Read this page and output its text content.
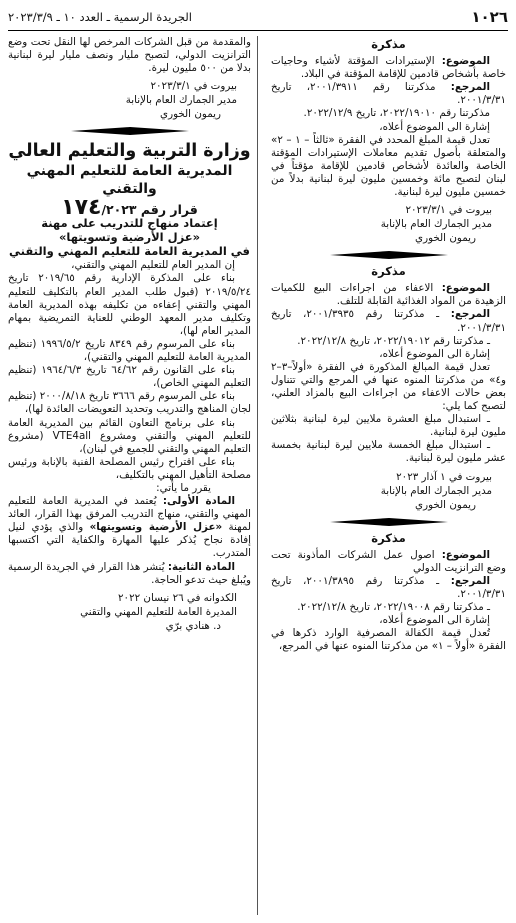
١٠٢٦
الجريدة الرسمية ـ العدد ١٠ ـ ٢٠٢٣/٣/٩

مذكرة

الموضوع: الإستيرادات المؤقتة لأشياء وحاجيات خاصة بأشخاص قادمين للإقامة المؤقتة في البلاد.

المرجع: مذكرتنا رقم ٢٠٠١/٣٩١١، تاريخ ٢٠٠١/٣/٣١.

مذكرتنا رقم ٢٠٢٢/١٩٠١٠، تاريخ ٢٠٢٢/١٢/٩.

إشارة الى الموضوع أعلاه،

تعدل قيمة المبلغ المحدد في الفقرة «ثالثاً – ١ – ٢» والمتعلقة بأصول تقديم معاملات الإستيرادات المؤقتة الخاصة والعائدة لأشخاص قادمين للإقامة مؤقتاً في لبنان لتصبح مائة وخمسين مليون ليرة لبنانية بدلاً من خمسين مليون ليرة لبنانية.

بيروت في ٢٠٢٣/٣/١

مدير الجمارك العام بالإنابة

ريمون الخوري

مذكرة

الموضوع: الاعفاء من اجراءات البيع للكميات الزهيدة من المواد الغذائية القابلة للتلف.

المرجع: ـ مذكرتنا رقم ٢٠٠١/٣٩٣٥، تاريخ ٢٠٠١/٣/٣١.

ـ مذكرتنا رقم ٢٠٢٢/١٩٠١٢، تاريخ ٢٠٢٢/١٢/٨.

إشارة الى الموضوع أعلاه،

تعدل قيمة المبالغ المذكورة في الفقرة «أولاً–٣–٢ و٤» من مذكرتنا المنوه عنها في المرجع والتي تتناول بعض حالات الاعفاء من اجراءات البيع بالمزاد العلني، لتصبح كما يلي:

ـ استبدال مبلغ العشرة ملايين ليرة لبنانية بثلاثين مليون ليرة لبنانية.

ـ استبدال مبلغ الخمسة ملايين ليرة لبنانية بخمسة عشر مليون ليرة لبنانية.

بيروت في ١ آذار ٢٠٢٣

مدير الجمارك العام بالإنابة

ريمون الخوري

مذكرة

الموضوع: اصول عمل الشركات المأذونة تحت وضع الترانزيت الدولي

المرجع: ـ مذكرتنا رقم ٢٠٠١/٣٨٩٥، تاريخ ٢٠٠١/٣/٣١.

ـ مذكرتنا رقم ٢٠٢٢/١٩٠٠٨، تاريخ ٢٠٢٢/١٢/٨.

إشارة الى الموضوع أعلاه،

تُعدل قيمة الكفالة المصرفية الوارد ذكرها في الفقرة «أولاً – ١» من مذكرتنا المنوه عنها في المرجع،

والمقدمة من قبل الشركات المرخص لها النقل تحت وضع الترانزيت الدولي، لتصبح مليار ونصف مليار ليرة لبنانية بدلا من ٥٠٠ مليون ليرة.

بيروت في ٢٠٢٣/٣/١

مدير الجمارك العام بالإنابة

ريمون الخوري

وزارة التربية والتعليم العالي

المديرية العامة للتعليم المهني والتقني

قرار رقم ١٧٤/٢٠٢٣

إعتماد منهاج للتدريب على مهنة

«عزل الأرضية وتسويتها»

في المديرية العامة للتعليم المهني والتقني

إن المدير العام للتعليم المهني والتقني،

بناء على المذكرة الإدارية رقم ٢٠١٩/٦٥ تاريخ ٢٠١٩/٥/٢٤ (قبول طلب المدير العام بالتكليف للتعليم المهني والتقني إعفاءه من تكليفه بهذه المديرية العامة وتكليف مدير المعهد الوطني للعناية التمريضية بمهام المدير العام لها)،

بناء على المرسوم رقم ٨٣٤٩ تاريخ ١٩٩٦/٥/٢ (تنظيم المديرية العامة للتعليم المهني والتقني)،

بناء على القانون رقم ٦٤/٦٢ تاريخ ١٩٦٤/٦/٣ (تنظيم التعليم المهني الخاص)،

بناء على المرسوم رقم ٣٦٦٦ تاريخ ٢٠٠٠/٨/١٨ (تنظيم لجان المناهج والتدريب وتحديد التعويضات العائدة لها)،

بناء على برنامج التعاون القائم بين المديرية العامة للتعليم المهني والتقني ومشروع VTE4all (مشروع التعليم المهني والتقني للجميع في لبنان)،

بناء على اقتراح رئيس المصلحة الفنية بالإنابة ورئيس مصلحة التأهيل المهني بالتكليف،

يقرر ما يأتي:

المادة الأولى: يُعتمد في المديرية العامة للتعليم المهني والتقني، منهاج التدريب المرفق بهذا القرار، العائد لمهنة «عزل الأرضية وتسويتها» والذي يؤدي لنيل إفادة نجاح يُذكر عليها المهارة والكفاية التي اكتسبها المتدرب.

المادة الثانية: يُنشر هذا القرار في الجريدة الرسمية ويُبلغ حيث تدعو الحاجة.

الكدوانه في ٢٦ نيسان ٢٠٢٢

المديرة العامة للتعليم المهني والتقني

د. هنادي برّي
